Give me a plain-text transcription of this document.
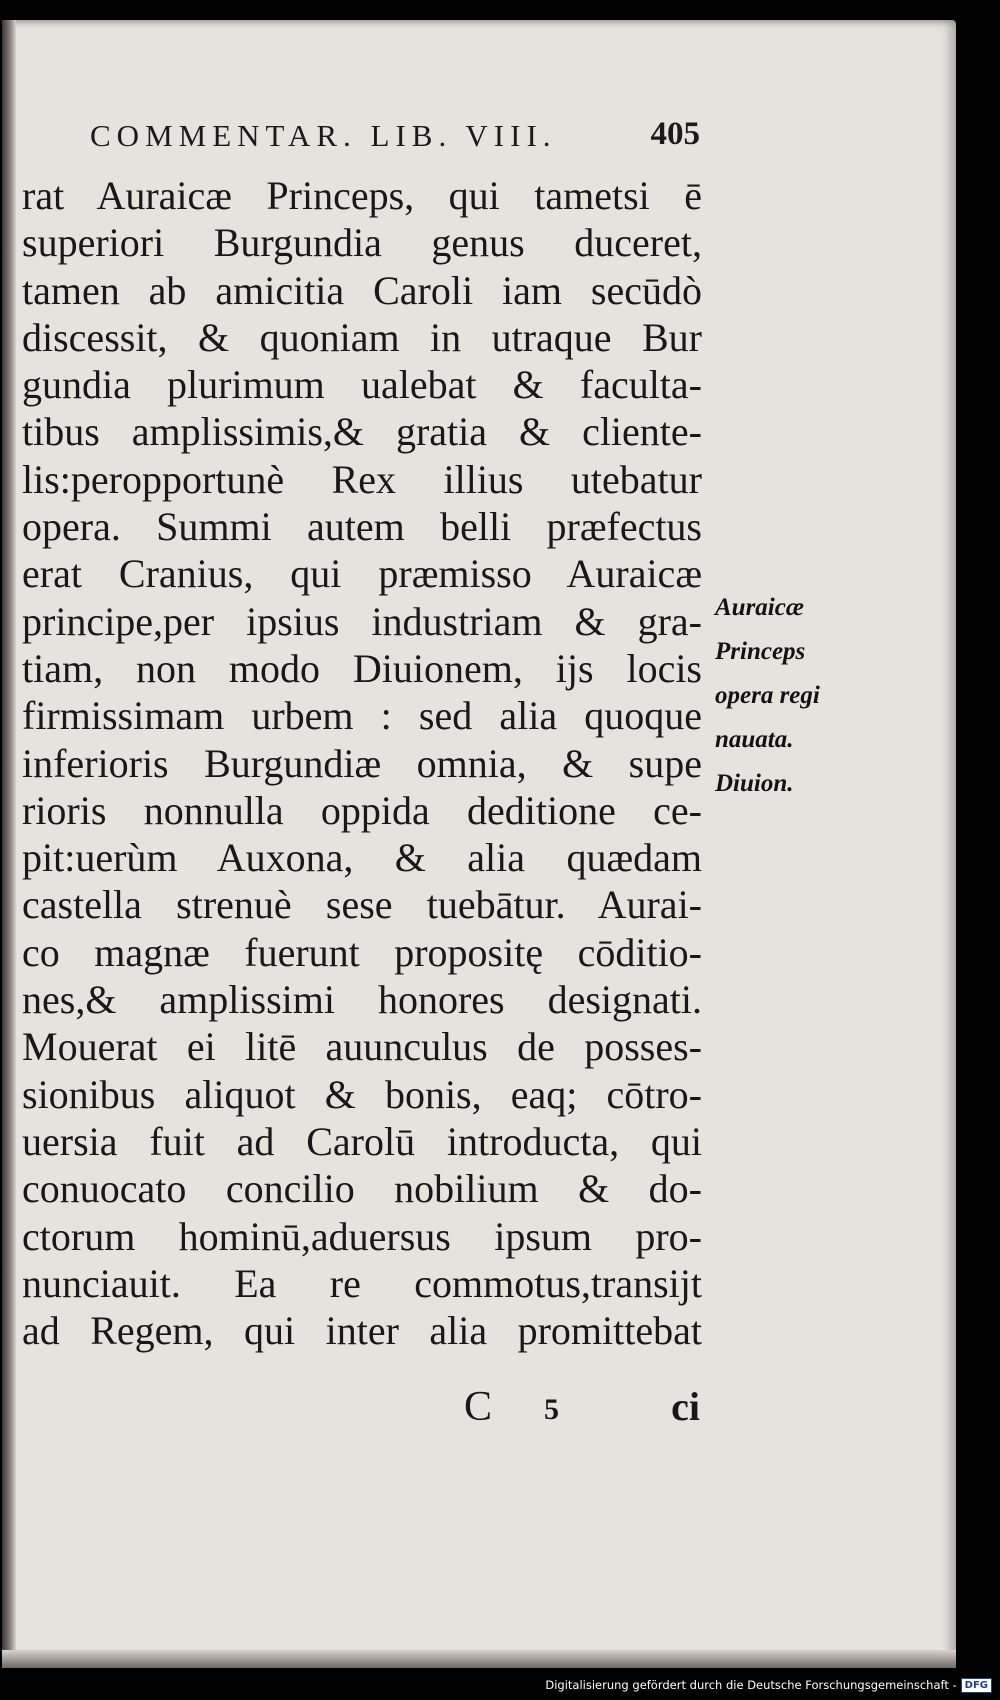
COMMENTAR. LIB. VIII.	405
rat Auraicæ Princeps, qui tametsi ē
superiori Burgundia genus duceret,
tamen ab amicitia Caroli iam secūdò
discessit, & quoniam in utraque Bur
gundia plurimum ualebat & faculta-
tibus amplissimis,& gratia & cliente-
lis:peropportunè Rex illius utebatur
opera. Summi autem belli præfectus
erat Cranius, qui præmisso Auraicæ
principe,per ipsius industriam & gra-
tiam, non modo Diuionem, ijs locis
firmissimam urbem : sed alia quoque
inferioris Burgundiæ omnia, & supe
rioris nonnulla oppida deditione ce-
pit:uerùm Auxona, & alia quædam
castella strenuè sese tuebātur. Aurai-
co magnæ fuerunt propositę cōditio-
nes,& amplissimi honores designati.
Mouerat ei litē auunculus de posses-
sionibus aliquot & bonis, eaq; cōtro-
uersia fuit ad Carolū introducta, qui
conuocato concilio nobilium & do-
ctorum hominū,aduersus ipsum pro-
nunciauit. Ea re commotus,transijt
ad Regem, qui inter alia promittebat
Auraicæ
Princeps
opera regi
nauata.
Diuion.
C 5	ci
Digitalisierung gefördert durch die Deutsche Forschungsgemeinschaft - DFG
